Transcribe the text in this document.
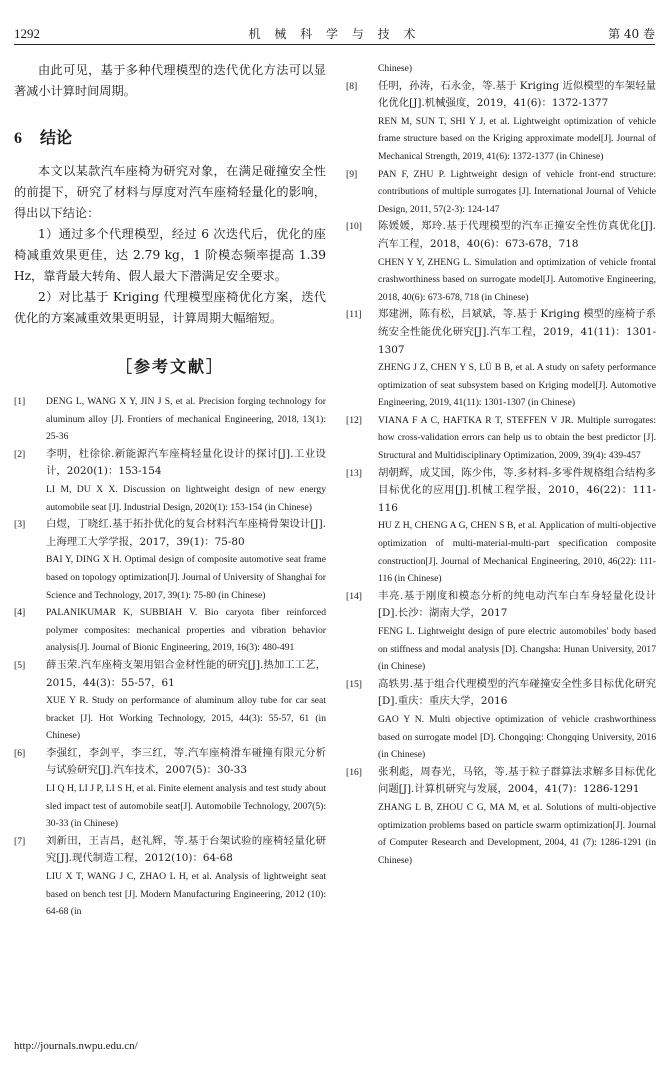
1292	机 械 科 学 与 技 术	第 40 卷

由此可见，基于多种代理模型的迭代优化方法可以显著减小计算时间周期。

6 结论

本文以某款汽车座椅为研究对象，在满足碰撞安全性的前提下，研究了材料与厚度对汽车座椅轻量化的影响，得出以下结论：

1）通过多个代理模型，经过 6 次迭代后，优化的座椅减重效果更佳，达 2.79 kg，1 阶模态频率提高 1.39 Hz，靠背最大转角、假人最大下潜满足安全要求。

2）对比基于 Kriging 代理模型座椅优化方案，迭代优化的方案减重效果更明显，计算周期大幅缩短。

［参考文献］
[1]	DENG L, WANG X Y, JIN J S, et al. Precision forging technology for aluminum alloy [J]. Frontiers of mechanical Engineering, 2018, 13(1): 25-36

[2]	李明，杜徐徐.新能源汽车座椅轻量化设计的探讨[J].工业设计，2020(1)：153-154

LI M, DU X X. Discussion on lightweight design of new energy automobile seat [J]. Industrial Design, 2020(1): 153-154 (in Chinese)

[3]	白煜，丁晓红.基于拓扑优化的复合材料汽车座椅骨架设计[J].上海理工大学学报，2017，39(1)：75-80

BAI Y, DING X H. Optimal design of composite automotive seat frame based on topology optimization[J]. Journal of University of Shanghai for Science and Technology, 2017, 39(1): 75-80 (in Chinese)

[4]	PALANIKUMAR K, SUBBIAH V. Bio caryota fiber reinforced polymer composites: mechanical properties and vibration behavior analysis[J]. Journal of Bionic Engineering, 2019, 16(3): 480-491

[5]	薛玉荣.汽车座椅支架用铝合金材性能的研究[J].热加工工艺，2015，44(3)：55-57，61

XUE Y R. Study on performance of aluminum alloy tube for car seat bracket [J]. Hot Working Technology, 2015, 44(3): 55-57, 61 (in Chinese)

[6]	李强红，李剑平，李三红，等.汽车座椅滑车碰撞有限元分析与试验研究[J].汽车技术，2007(5)：30-33

LI Q H, LI J P, LI S H, et al. Finite element analysis and test study about sled impact test of automobile seat[J]. Automobile Technology, 2007(5): 30-33 (in Chinese)

[7]	刘新田，王吉昌，赵礼辉，等.基于台架试验的座椅轻量化研究[J].现代制造工程，2012(10)：64-68

LIU X T, WANG J C, ZHAO L H, et al. Analysis of lightweight seat based on bench test [J]. Modern Manufacturing Engineering, 2012 (10): 64-68 (in

Chinese)
[8]	任明，孙涛，石永金，等.基于 Kriging 近似模型的车架轻量化优化[J].机械强度，2019，41(6)：1372-1377

REN M, SUN T, SHI Y J, et al. Lightweight optimization of vehicle frame structure based on the Kriging approximate model[J]. Journal of Mechanical Strength, 2019, 41(6): 1372-1377 (in Chinese)

[9]	PAN F, ZHU P. Lightweight design of vehicle front-end structure: contributions of multiple surrogates [J]. International Journal of Vehicle Design, 2011, 57(2-3): 124-147

[10]	陈媛媛，郑玲.基于代理模型的汽车正撞安全性仿真优化[J].汽车工程，2018，40(6)：673-678，718

CHEN Y Y, ZHENG L. Simulation and optimization of vehicle frontal crashworthiness based on surrogate model[J]. Automotive Engineering, 2018, 40(6): 673-678, 718 (in Chinese)

[11]	郑建洲，陈有松，吕斌斌，等.基于 Kriging 模型的座椅子系统安全性能优化研究[J].汽车工程，2019，41(11)：1301-1307

ZHENG J Z, CHEN Y S, LÜ B B, et al. A study on safety performance optimization of seat subsystem based on Kriging model[J]. Automotive Engineering, 2019, 41(11): 1301-1307 (in Chinese)

[12]	VIANA F A C, HAFTKA R T, STEFFEN V JR. Multiple surrogates: how cross-validation errors can help us to obtain the best predictor [J]. Structural and Multidisciplinary Optimization, 2009, 39(4): 439-457

[13]	胡朝辉，成艾国，陈少伟，等.多材料-多零件规格组合结构多目标优化的应用[J].机械工程学报，2010，46(22)：111-116

HU Z H, CHENG A G, CHEN S B, et al. Application of multi-objective optimization of multi-material-multi-part specification composite construction[J]. Journal of Mechanical Engineering, 2010, 46(22): 111-116 (in Chinese)

[14]	丰亮.基于刚度和模态分析的纯电动汽车白车身轻量化设计[D].长沙：湖南大学，2017

FENG L. Lightweight design of pure electric automobiles' body based on stiffness and modal analysis [D]. Changsha: Hunan University, 2017 (in Chinese)

[15]	高轶男.基于组合代理模型的汽车碰撞安全性多目标优化研究[D].重庆：重庆大学，2016

GAO Y N. Multi objective optimization of vehicle crashworthiness based on surrogate model [D]. Chongqing: Chongqing University, 2016 (in Chinese)

[16]	张利彪，周春光，马铭，等.基于粒子群算法求解多目标优化问题[J].计算机研究与发展，2004，41(7)：1286-1291

ZHANG L B, ZHOU C G, MA M, et al. Solutions of multi-objective optimization problems based on particle swarm optimization[J]. Journal of Computer Research and Development, 2004, 41 (7): 1286-1291 (in Chinese)

http://journals.nwpu.edu.cn/
